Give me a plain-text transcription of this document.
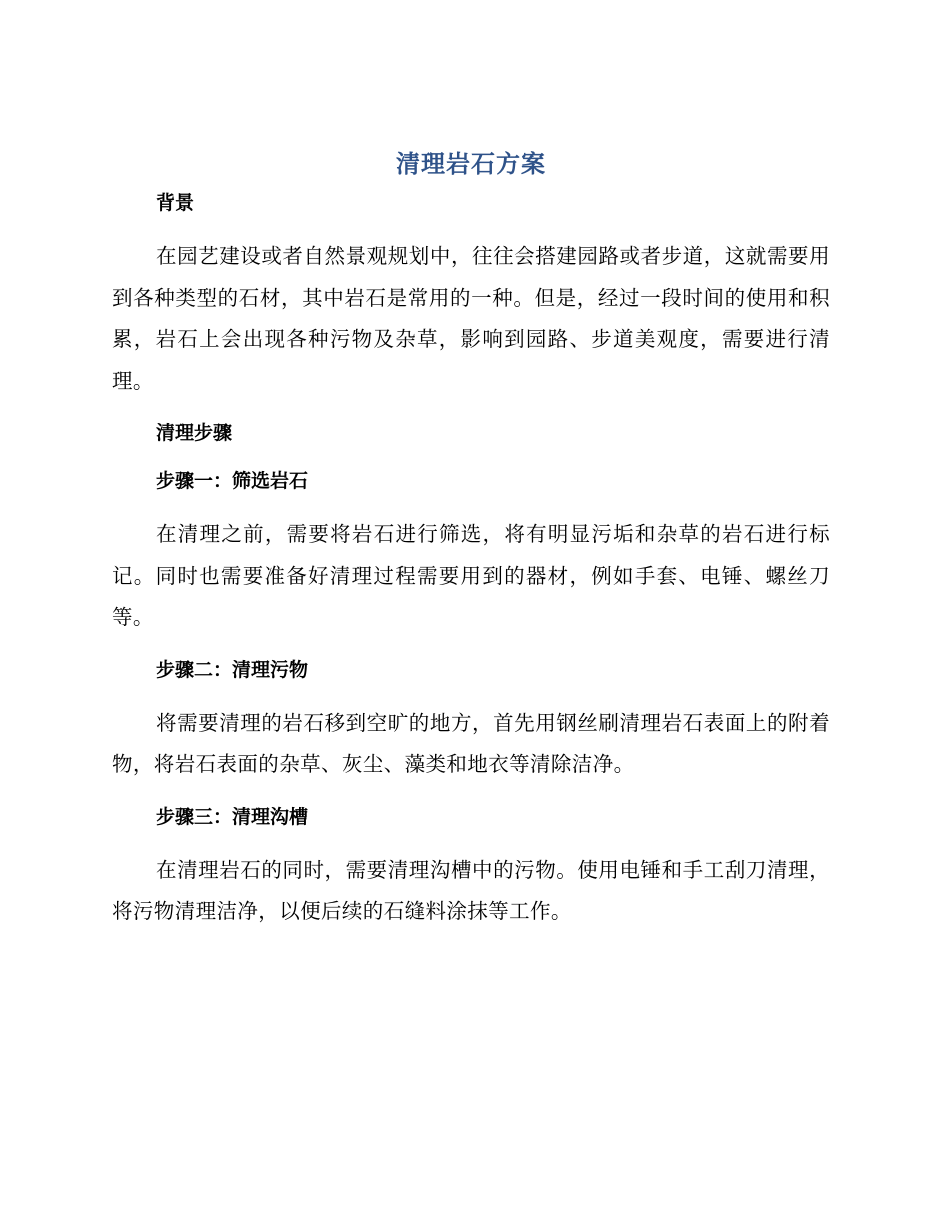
清理岩石方案
背景

在园艺建设或者自然景观规划中，往往会搭建园路或者步道，这就需要用到各种类型的石材，其中岩石是常用的一种。但是，经过一段时间的使用和积累，岩石上会出现各种污物及杂草，影响到园路、步道美观度，需要进行清理。

清理步骤
步骤一：筛选岩石

在清理之前，需要将岩石进行筛选，将有明显污垢和杂草的岩石进行标记。同时也需要准备好清理过程需要用到的器材，例如手套、电锤、螺丝刀等。

步骤二：清理污物

将需要清理的岩石移到空旷的地方，首先用钢丝刷清理岩石表面上的附着物，将岩石表面的杂草、灰尘、藻类和地衣等清除洁净。

步骤三：清理沟槽

在清理岩石的同时，需要清理沟槽中的污物。使用电锤和手工刮刀清理，将污物清理洁净，以便后续的石缝料涂抹等工作。
